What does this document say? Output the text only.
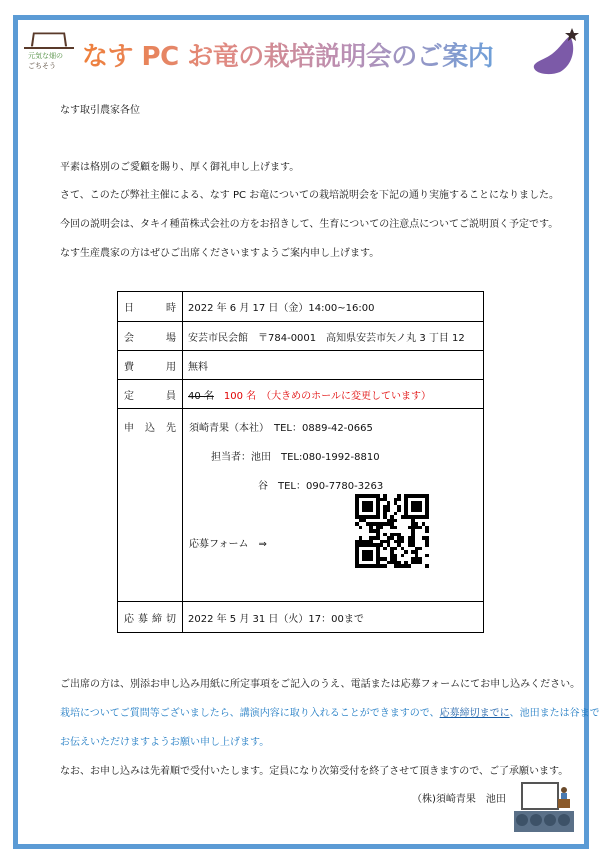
元気な畑の
ごちそう なす PC お竜の栽培説明会のご案内
なす取引農家各位
平素は格別のご愛顧を賜り、厚く御礼申し上げます。
さて、このたび弊社主催による、なす PC お竜についての栽培説明会を下記の通り実施することになりました。
今回の説明会は、タキイ種苗株式会社の方をお招きして、生育についての注意点についてご説明頂く予定です。
なす生産農家の方はぜひご出席くださいますようご案内申し上げます。
日　時	2022 年 6 月 17 日（金）14:00~16:00
会　場	安芸市民会館　〒784-0001　高知県安芸市矢ノ丸 3 丁目 12
費　用	無料
定　員	40 名　 100 名　（大きめのホールに変更しています）
申 込 先	須崎青果（本社）　TEL：0889-42-0665
担当者：池田　TEL:080-1992-8810
谷　TEL：090-7780-3263
応募フォーム　⇒

応募締切	2022 年 5 月 31 日（火）17：00まで
ご出席の方は、別添お申し込み用紙に所定事項をご記入のうえ、電話または応募フォームにてお申し込みください。
栽培についてご質問等ございましたら、講演内容に取り入れることができますので、応募締切までに、池田または谷まで
お伝えいただけますようお願い申し上げます。
なお、お申し込みは先着順で受付いたします。定員になり次第受付を終了させて頂きますので、ご了承願います。
（株)須崎青果　池田
